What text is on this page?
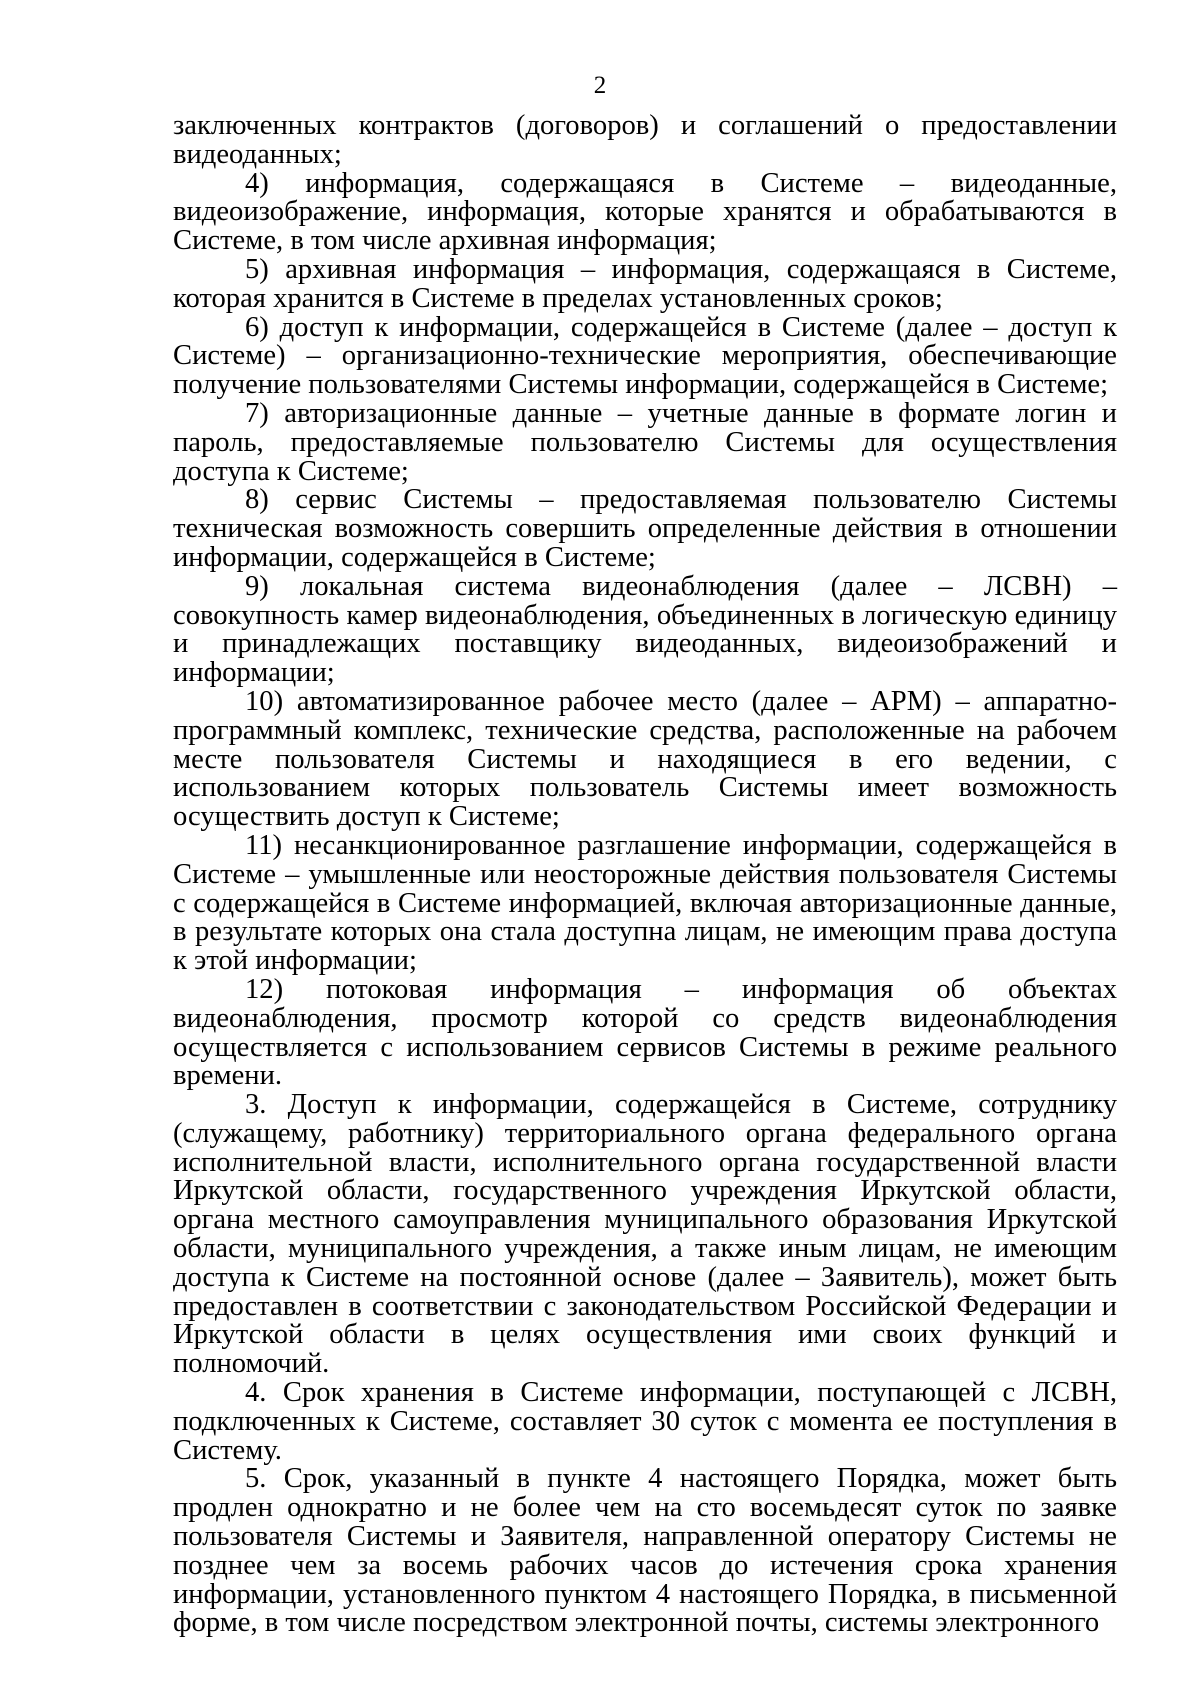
2

заключенных контрактов (договоров) и соглашений о предоставлении видеоданных;

4) информация, содержащаяся в Системе – видеоданные, видеоизображение, информация, которые хранятся и обрабатываются в Системе, в том числе архивная информация;

5) архивная информация – информация, содержащаяся в Системе, которая хранится в Системе в пределах установленных сроков;

6) доступ к информации, содержащейся в Системе (далее – доступ к Системе) – организационно-технические мероприятия, обеспечивающие получение пользователями Системы информации, содержащейся в Системе;

7) авторизационные данные – учетные данные в формате логин и пароль, предоставляемые пользователю Системы для осуществления доступа к Системе;

8) сервис Системы – предоставляемая пользователю Системы техническая возможность совершить определенные действия в отношении информации, содержащейся в Системе;

9) локальная система видеонаблюдения (далее – ЛСВН) – совокупность камер видеонаблюдения, объединенных в логическую единицу и принадлежащих поставщику видеоданных, видеоизображений и информации;

10) автоматизированное рабочее место (далее – АРМ) – аппаратно-программный комплекс, технические средства, расположенные на рабочем месте пользователя Системы и находящиеся в его ведении, с использованием которых пользователь Системы имеет возможность осуществить доступ к Системе;

11) несанкционированное разглашение информации, содержащейся в Системе – умышленные или неосторожные действия пользователя Системы с содержащейся в Системе информацией, включая авторизационные данные, в результате которых она стала доступна лицам, не имеющим права доступа к этой информации;

12) потоковая информация – информация об объектах видеонаблюдения, просмотр которой со средств видеонаблюдения осуществляется с использованием сервисов Системы в режиме реального времени.

3. Доступ к информации, содержащейся в Системе, сотруднику (служащему, работнику) территориального органа федерального органа исполнительной власти, исполнительного органа государственной власти Иркутской области, государственного учреждения Иркутской области, органа местного самоуправления муниципального образования Иркутской области, муниципального учреждения, а также иным лицам, не имеющим доступа к Системе на постоянной основе (далее – Заявитель), может быть предоставлен в соответствии с законодательством Российской Федерации и Иркутской области в целях осуществления ими своих функций и полномочий.

4. Срок хранения в Системе информации, поступающей с ЛСВН, подключенных к Системе, составляет 30 суток с момента ее поступления в Систему.

5. Срок, указанный в пункте 4 настоящего Порядка, может быть продлен однократно и не более чем на сто восемьдесят суток по заявке пользователя Системы и Заявителя, направленной оператору Системы не позднее чем за восемь рабочих часов до истечения срока хранения информации, установленного пунктом 4 настоящего Порядка, в письменной форме, в том числе посредством электронной почты, системы электронного
